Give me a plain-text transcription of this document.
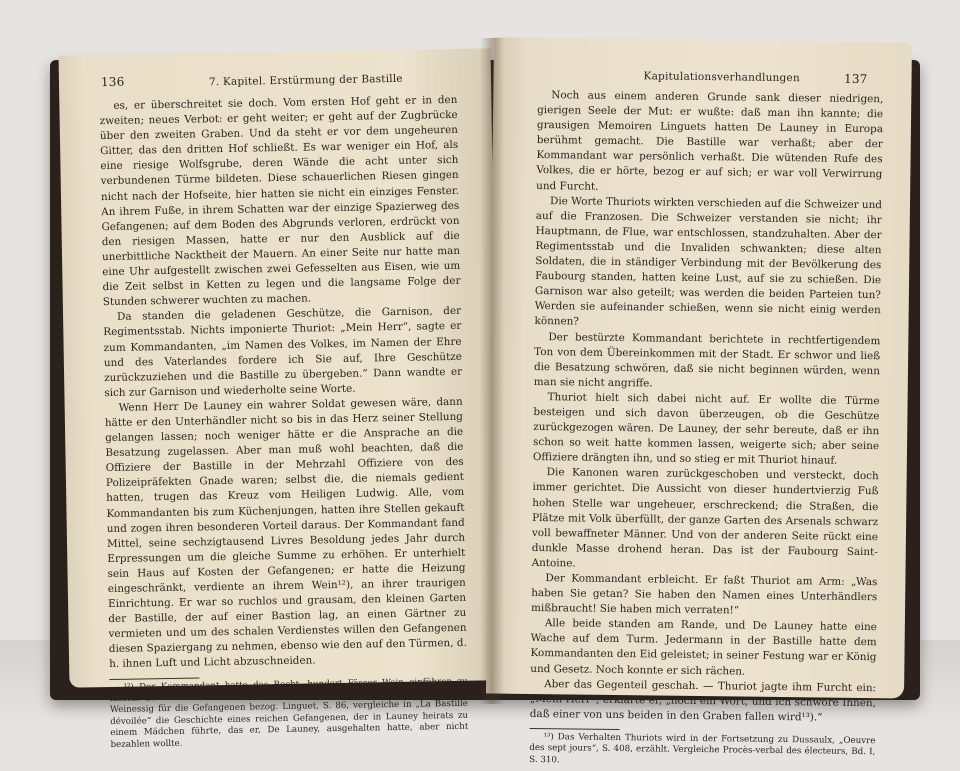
136	7. Kapitel. Erstürmung der Bastille

es, er überschreitet sie doch. Vom ersten Hof geht er in den zweiten; neues Verbot: er geht weiter; er geht auf der Zugbrücke über den zweiten Graben. Und da steht er vor dem ungeheuren Gitter, das den dritten Hof schließt. Es war weniger ein Hof, als eine riesige Wolfsgrube, deren Wände die acht unter sich verbundenen Türme bildeten. Diese schauerlichen Riesen gingen nicht nach der Hofseite, hier hatten sie nicht ein einziges Fenster. An ihrem Fuße, in ihrem Schatten war der einzige Spazierweg des Gefangenen; auf dem Boden des Abgrunds verloren, erdrückt von den riesigen Massen, hatte er nur den Ausblick auf die unerbittliche Nacktheit der Mauern. An einer Seite nur hatte man eine Uhr aufgestellt zwischen zwei Gefesselten aus Eisen, wie um die Zeit selbst in Ketten zu legen und die langsame Folge der Stunden schwerer wuchten zu machen.

Da standen die geladenen Geschütze, die Garnison, der Regimentsstab. Nichts imponierte Thuriot: „Mein Herr“, sagte er zum Kommandanten, „im Namen des Volkes, im Namen der Ehre und des Vaterlandes fordere ich Sie auf, Ihre Geschütze zurückzuziehen und die Bastille zu übergeben.“ Dann wandte er sich zur Garnison und wiederholte seine Worte.

Wenn Herr De Launey ein wahrer Soldat gewesen wäre, dann hätte er den Unterhändler nicht so bis in das Herz seiner Stellung gelangen lassen; noch weniger hätte er die Ansprache an die Besatzung zugelassen. Aber man muß wohl beachten, daß die Offiziere der Bastille in der Mehrzahl Offiziere von des Polizeipräfekten Gnade waren; selbst die, die niemals gedient hatten, trugen das Kreuz vom Heiligen Ludwig. Alle, vom Kommandanten bis zum Küchenjungen, hatten ihre Stellen gekauft und zogen ihren besonderen Vorteil daraus. Der Kommandant fand Mittel, seine sechzigtausend Livres Besoldung jedes Jahr durch Erpressungen um die gleiche Summe zu erhöhen. Er unterhielt sein Haus auf Kosten der Gefangenen; er hatte die Heizung eingeschränkt, verdiente an ihrem Wein¹²), an ihrer traurigen Einrichtung. Er war so ruchlos und grausam, den kleinen Garten der Bastille, der auf einer Bastion lag, an einen Gärtner zu vermieten und um des schalen Verdienstes willen den Gefangenen diesen Spaziergang zu nehmen, ebenso wie den auf den Türmen, d. h. ihnen Luft und Licht abzuschneiden.

¹²) Der Kommandant hatte das Recht, hundert Fässer Wein einführen zu lassen. Er verkaufte dieses Recht an eine Schenke, aus der er statt dessen Weinessig für die Gefangenen bezog. Linguet, S. 86, vergleiche in „La Bastille dévoilée“ die Geschichte eines reichen Gefangenen, der in Launey heirats zu einem Mädchen führte, das er, De Launey, ausgehalten hatte, aber nicht bezahlen wollte.

Kapitulationsverhandlungen	137

Noch aus einem anderen Grunde sank dieser niedrigen, gierigen Seele der Mut: er wußte: daß man ihn kannte; die grausigen Memoiren Linguets hatten De Launey in Europa berühmt gemacht. Die Bastille war verhaßt; aber der Kommandant war persönlich verhaßt. Die wütenden Rufe des Volkes, die er hörte, bezog er auf sich; er war voll Verwirrung und Furcht.

Die Worte Thuriots wirkten verschieden auf die Schweizer und auf die Franzosen. Die Schweizer verstanden sie nicht; ihr Hauptmann, de Flue, war entschlossen, standzuhalten. Aber der Regimentsstab und die Invaliden schwankten; diese alten Soldaten, die in ständiger Verbindung mit der Bevölkerung des Faubourg standen, hatten keine Lust, auf sie zu schießen. Die Garnison war also geteilt; was werden die beiden Parteien tun? Werden sie aufeinander schießen, wenn sie nicht einig werden können?

Der bestürzte Kommandant berichtete in rechtfertigendem Ton von dem Übereinkommen mit der Stadt. Er schwor und ließ die Besatzung schwören, daß sie nicht beginnen würden, wenn man sie nicht angriffe.

Thuriot hielt sich dabei nicht auf. Er wollte die Türme besteigen und sich davon überzeugen, ob die Geschütze zurückgezogen wären. De Launey, der sehr bereute, daß er ihn schon so weit hatte kommen lassen, weigerte sich; aber seine Offiziere drängten ihn, und so stieg er mit Thuriot hinauf.

Die Kanonen waren zurückgeschoben und versteckt, doch immer gerichtet. Die Aussicht von dieser hundertvierzig Fuß hohen Stelle war ungeheuer, erschreckend; die Straßen, die Plätze mit Volk überfüllt, der ganze Garten des Arsenals schwarz voll bewaffneter Männer. Und von der anderen Seite rückt eine dunkle Masse drohend heran. Das ist der Faubourg Saint-Antoine.

Der Kommandant erbleicht. Er faßt Thuriot am Arm: „Was haben Sie getan? Sie haben den Namen eines Unterhändlers mißbraucht! Sie haben mich verraten!“

Alle beide standen am Rande, und De Launey hatte eine Wache auf dem Turm. Jedermann in der Bastille hatte dem Kommandanten den Eid geleistet; in seiner Festung war er König und Gesetz. Noch konnte er sich rächen.

Aber das Gegenteil geschah. — Thuriot jagte ihm Furcht ein: „Mein Herr“, erklärte er, „noch ein Wort, und ich schwöre Ihnen, daß einer von uns beiden in den Graben fallen wird¹³).“

¹³) Das Verhalten Thuriots wird in der Fortsetzung zu Dussaulx, „Oeuvre des sept jours“, S. 408, erzählt. Vergleiche Procès-verbal des électeurs, Bd. I, S. 310.
